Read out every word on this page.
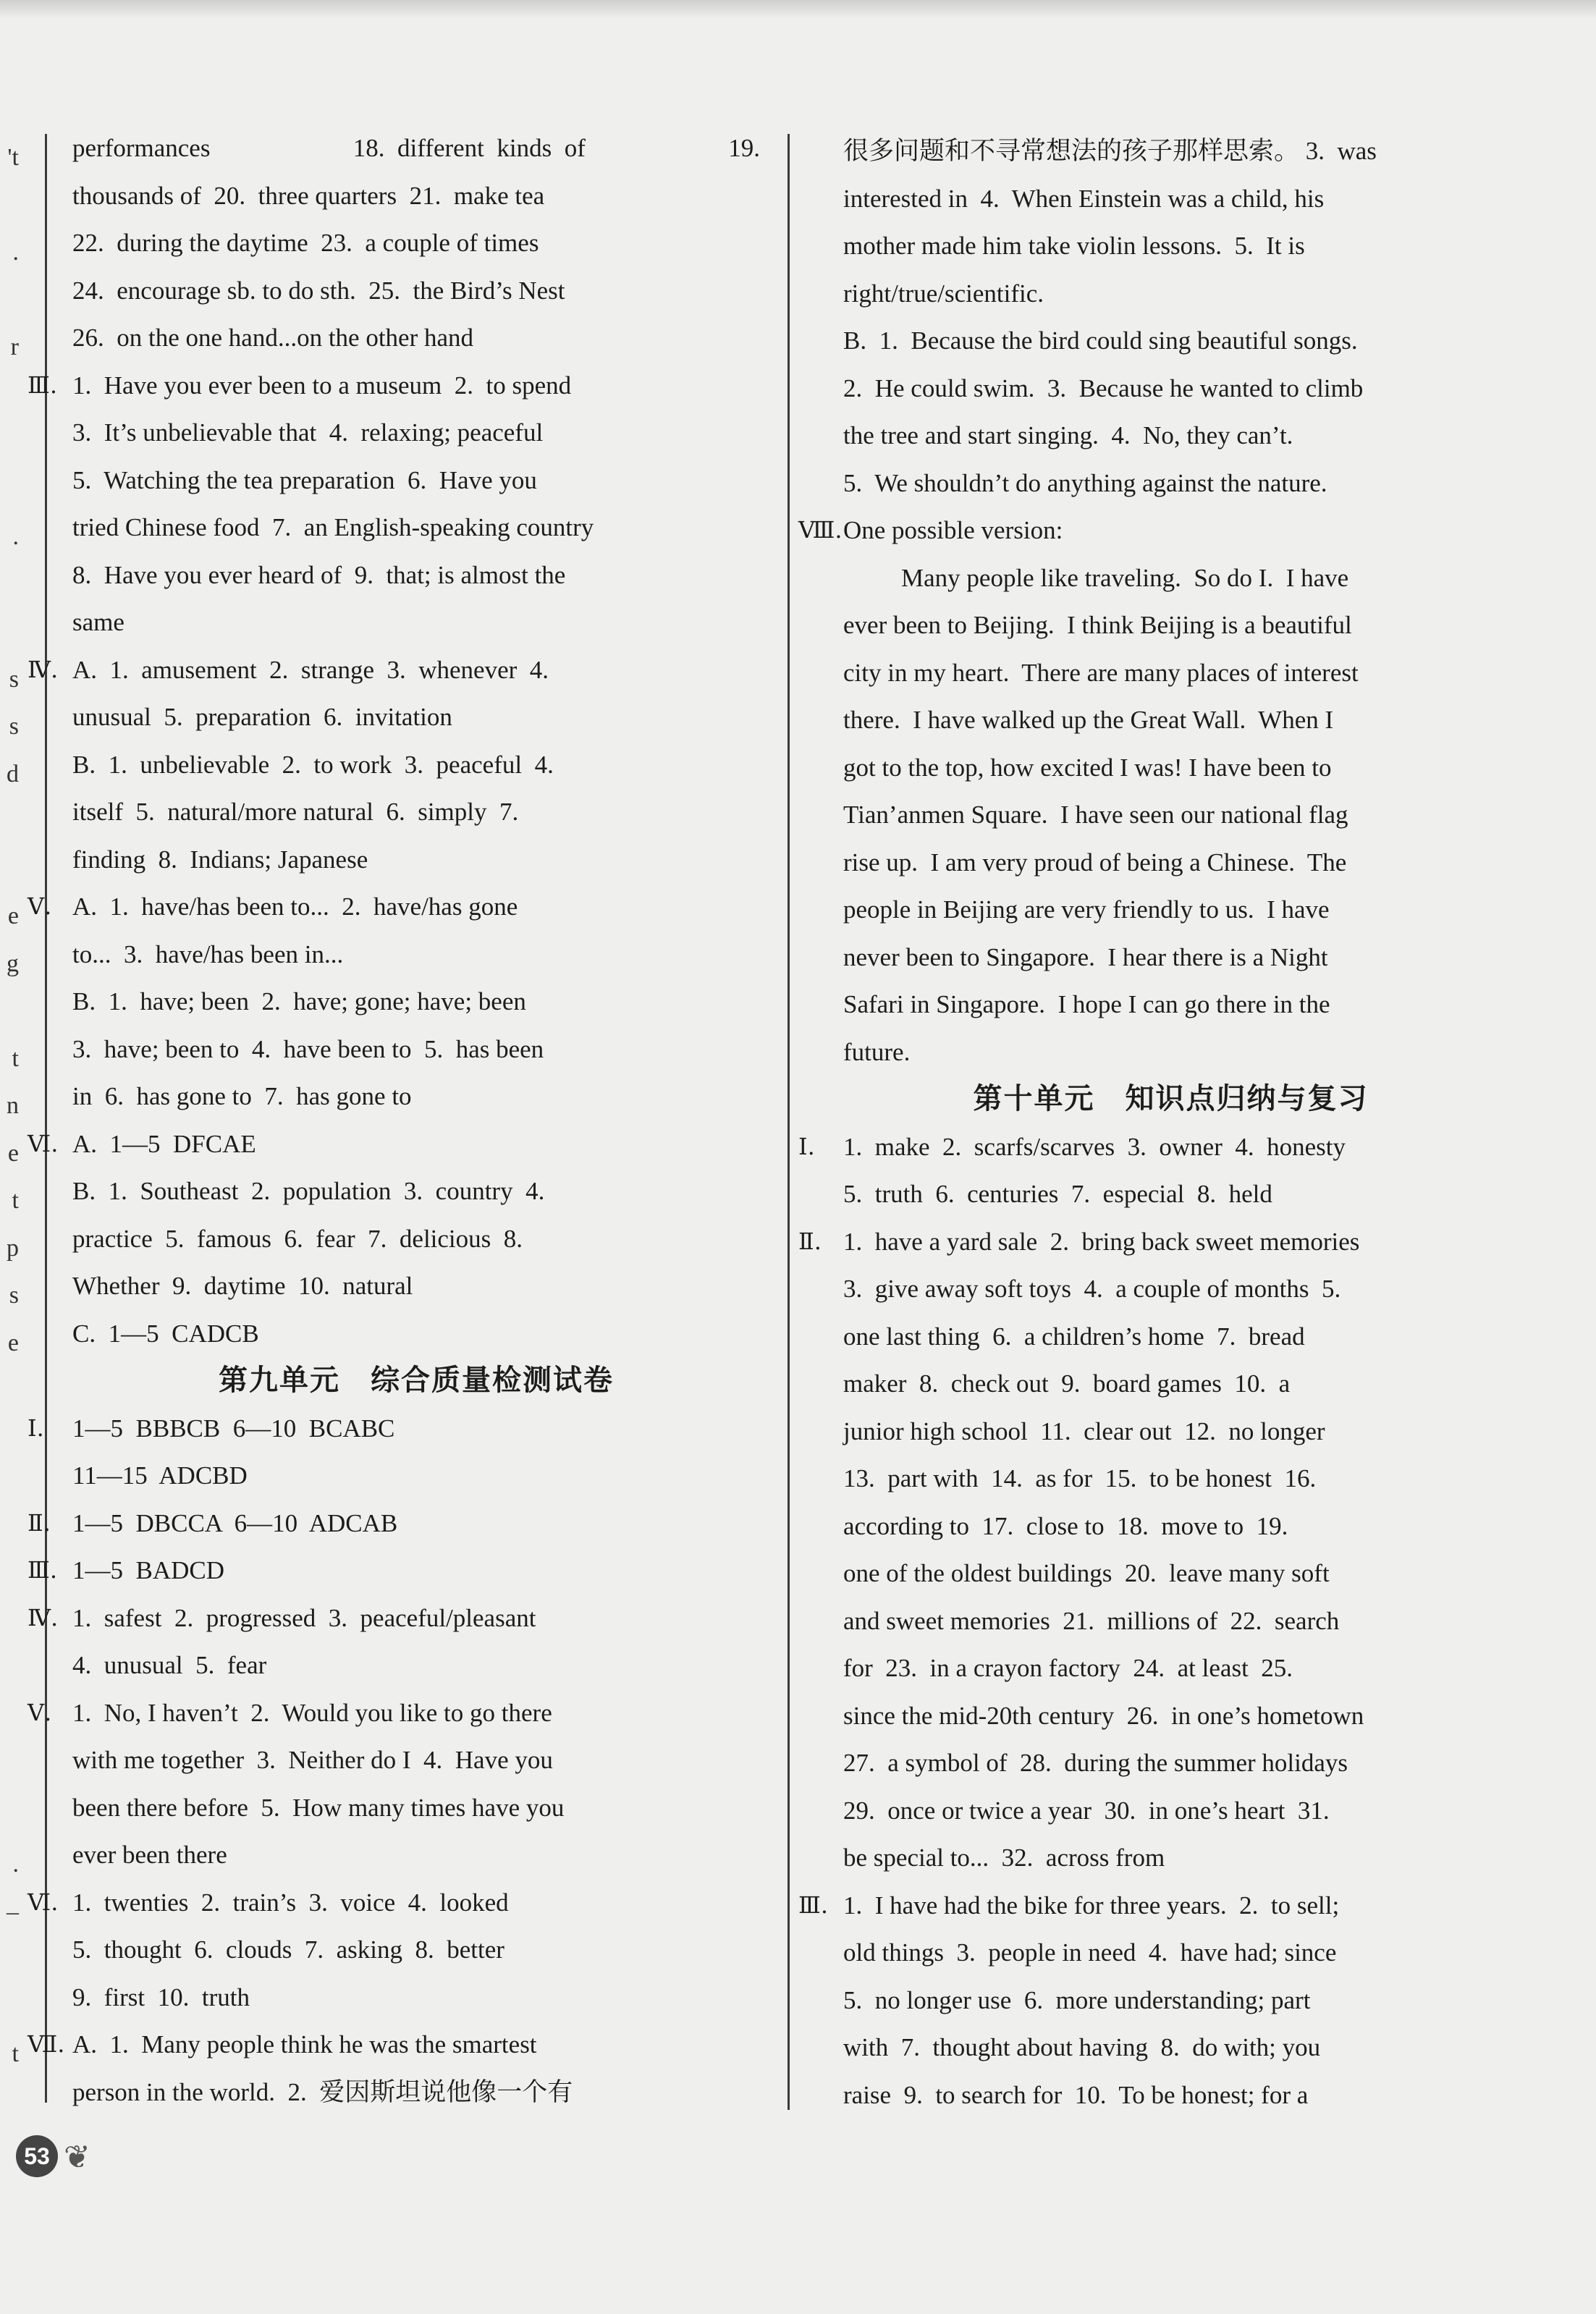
't
.
r
.
s
s
d
e
g
t
n
e
t
p
s
e
.
–
t
performances	18.  different  kinds  of	19.
thousands of  20.  three quarters  21.  make tea
22.  during the daytime  23.  a couple of times
24.  encourage sb. to do sth.  25.  the Bird’s Nest
26.  on the one hand...on the other hand
Ⅲ. 1.  Have you ever been to a museum  2.  to spend
3.  It’s unbelievable that  4.  relaxing; peaceful
5.  Watching the tea preparation  6.  Have you
tried Chinese food  7.  an English-speaking country
8.  Have you ever heard of  9.  that; is almost the
same
Ⅳ. A.  1.  amusement  2.  strange  3.  whenever  4.
unusual  5.  preparation  6.  invitation
B.  1.  unbelievable  2.  to work  3.  peaceful  4.
itself  5.  natural/more natural  6.  simply  7.
finding  8.  Indians; Japanese
Ⅴ. A.  1.  have/has been to...  2.  have/has gone
to...  3.  have/has been in...
B.  1.  have; been  2.  have; gone; have; been
3.  have; been to  4.  have been to  5.  has been
in  6.  has gone to  7.  has gone to
Ⅵ. A.  1—5  DFCAE
B.  1.  Southeast  2.  population  3.  country  4.
practice  5.  famous  6.  fear  7.  delicious  8.
Whether  9.  daytime  10.  natural
C.  1—5  CADCB
第九单元　综合质量检测试卷
Ⅰ.	1—5  BBBCB  6—10  BCABC
11—15  ADCBD
Ⅱ. 1—5  DBCCA  6—10  ADCAB
Ⅲ. 1—5  BADCD
Ⅳ. 1.  safest  2.  progressed  3.  peaceful/pleasant
4.  unusual  5.  fear
Ⅴ. 1.  No, I haven’t  2.  Would you like to go there
with me together  3.  Neither do I  4.  Have you
been there before  5.  How many times have you
ever been there
Ⅵ. 1.  twenties  2.  train’s  3.  voice  4.  looked
5.  thought  6.  clouds  7.  asking  8.  better
9.  first  10.  truth
Ⅶ. A.  1.  Many people think he was the smartest
person in the world.  2.  爱因斯坦说他像一个有
很多问题和不寻常想法的孩子那样思索。 3.  was
interested in  4.  When Einstein was a child, his
mother made him take violin lessons.  5.  It is
right/true/scientific.
B.  1.  Because the bird could sing beautiful songs.
2.  He could swim.  3.  Because he wanted to climb
the tree and start singing.  4.  No, they can’t.
5.  We shouldn’t do anything against the nature.
Ⅷ. One possible version:
Many people like traveling.  So do I.  I have
ever been to Beijing.  I think Beijing is a beautiful
city in my heart.  There are many places of interest
there.  I have walked up the Great Wall.  When I
got to the top, how excited I was! I have been to
Tian’anmen Square.  I have seen our national flag
rise up.  I am very proud of being a Chinese.  The
people in Beijing are very friendly to us.  I have
never been to Singapore.  I hear there is a Night
Safari in Singapore.  I hope I can go there in the
future.
第十单元　知识点归纳与复习
Ⅰ.	1.  make  2.  scarfs/scarves  3.  owner  4.  honesty
5.  truth  6.  centuries  7.  especial  8.  held
Ⅱ. 1.  have a yard sale  2.  bring back sweet memories
3.  give away soft toys  4.  a couple of months  5.
one last thing  6.  a children’s home  7.  bread
maker  8.  check out  9.  board games  10.  a
junior high school  11.  clear out  12.  no longer
13.  part with  14.  as for  15.  to be honest  16.
according to  17.  close to  18.  move to  19.
one of the oldest buildings  20.  leave many soft
and sweet memories  21.  millions of  22.  search
for  23.  in a crayon factory  24.  at least  25.
since the mid-20th century  26.  in one’s hometown
27.  a symbol of  28.  during the summer holidays
29.  once or twice a year  30.  in one’s heart  31.
be special to...  32.  across from
Ⅲ. 1.  I have had the bike for three years.  2.  to sell;
old things  3.  people in need  4.  have had; since
5.  no longer use  6.  more understanding; part
with  7.  thought about having  8.  do with; you
raise  9.  to search for  10.  To be honest; for a
53 ❦
